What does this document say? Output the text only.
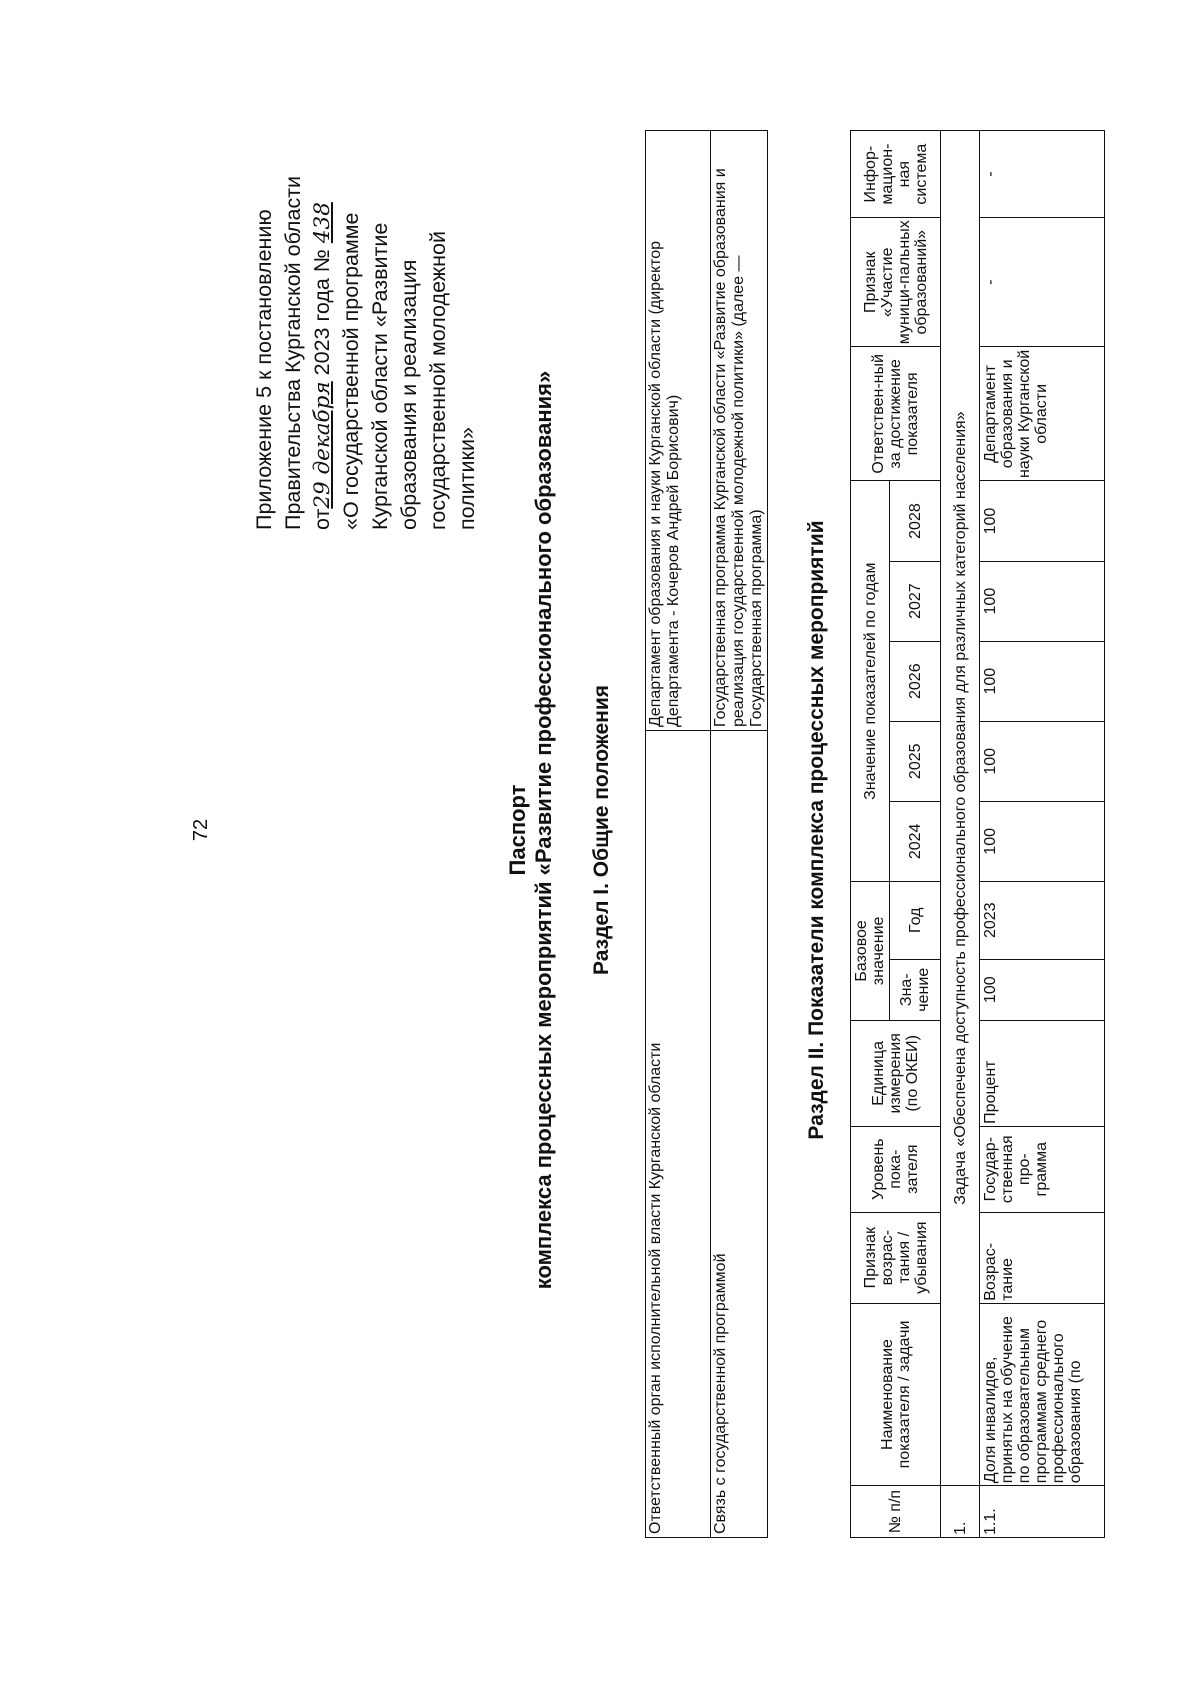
72
Приложение 5 к постановлению Правительства Курганской области от29 декабря 2023 года № 438 «О государственной программе Курганской области «Развитие образования и реализация государственной молодежной политики»
Паспорт комплекса процессных мероприятий «Развитие профессионального образования» Раздел I. Общие положения
Ответственный орган исполнительной власти Курганской области	Департамент образования и науки Курганской области (директор Департамента - Кочеров Андрей Борисович)
Связь с государственной программой	Государственная программа Курганской области «Развитие образования и реализация государственной молодежной политики» (далее — Государственная программа) Раздел II. Показатели комплекса процессных мероприятий
№ п/п	Наименование показателя / задачи	Признак возрас-тания / убывания	Уровень пока-зателя	Единица измерения (по ОКЕИ)	Базовое значение		Значение показателей по годам					Ответствен-ный за достижение показателя	Признак «Участие муници-пальных образований»	Инфор-мацион-ная система
					Зна-чение	Год	2024	2025	2026	2027	2028			
1.	Задача «Обеспечена доступность профессионального образования для различных категорий населения»													
1.1.	Доля инвалидов, принятых на обучение по образовательным программам среднего профессионального образования (по	Возрас-тание	Государ-ственная про-грамма	Процент	100	2023	100	100	100	100	100	Департамент образования и науки Курганской области	-	-
